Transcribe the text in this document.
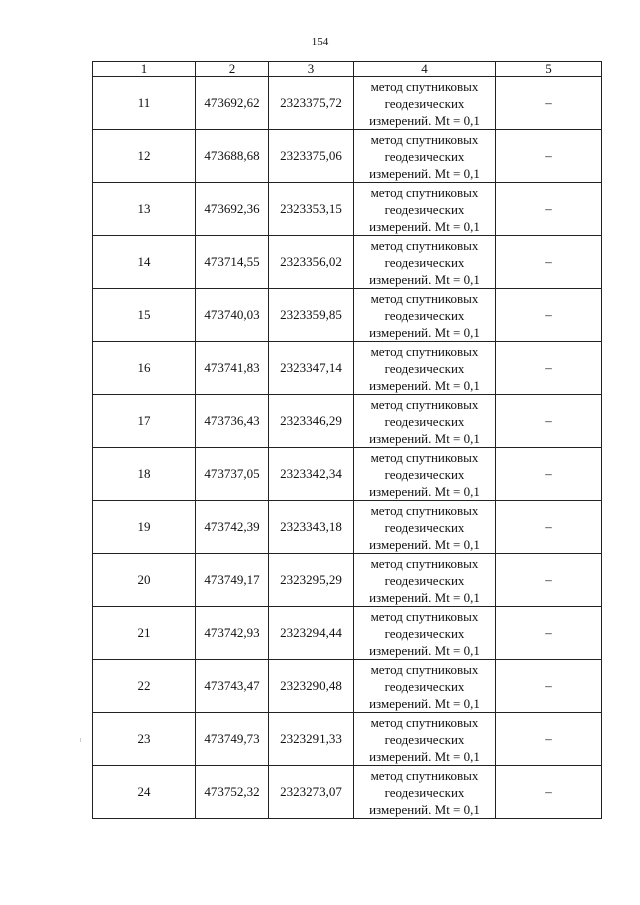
154
1	2	3	4	5
11	473692,62	2323375,72	метод спутниковых
геодезических
измерений. Mt = 0,1	–
12	473688,68	2323375,06	метод спутниковых
геодезических
измерений. Mt = 0,1	–
13	473692,36	2323353,15	метод спутниковых
геодезических
измерений. Mt = 0,1	–
14	473714,55	2323356,02	метод спутниковых
геодезических
измерений. Mt = 0,1	–
15	473740,03	2323359,85	метод спутниковых
геодезических
измерений. Mt = 0,1	–
16	473741,83	2323347,14	метод спутниковых
геодезических
измерений. Mt = 0,1	–
17	473736,43	2323346,29	метод спутниковых
геодезических
измерений. Mt = 0,1	–
18	473737,05	2323342,34	метод спутниковых
геодезических
измерений. Mt = 0,1	–
19	473742,39	2323343,18	метод спутниковых
геодезических
измерений. Mt = 0,1	–
20	473749,17	2323295,29	метод спутниковых
геодезических
измерений. Mt = 0,1	–
21	473742,93	2323294,44	метод спутниковых
геодезических
измерений. Mt = 0,1	–
22	473743,47	2323290,48	метод спутниковых
геодезических
измерений. Mt = 0,1	–
23	473749,73	2323291,33	метод спутниковых
геодезических
измерений. Mt = 0,1	–
24	473752,32	2323273,07	метод спутниковых
геодезических
измерений. Mt = 0,1	–
